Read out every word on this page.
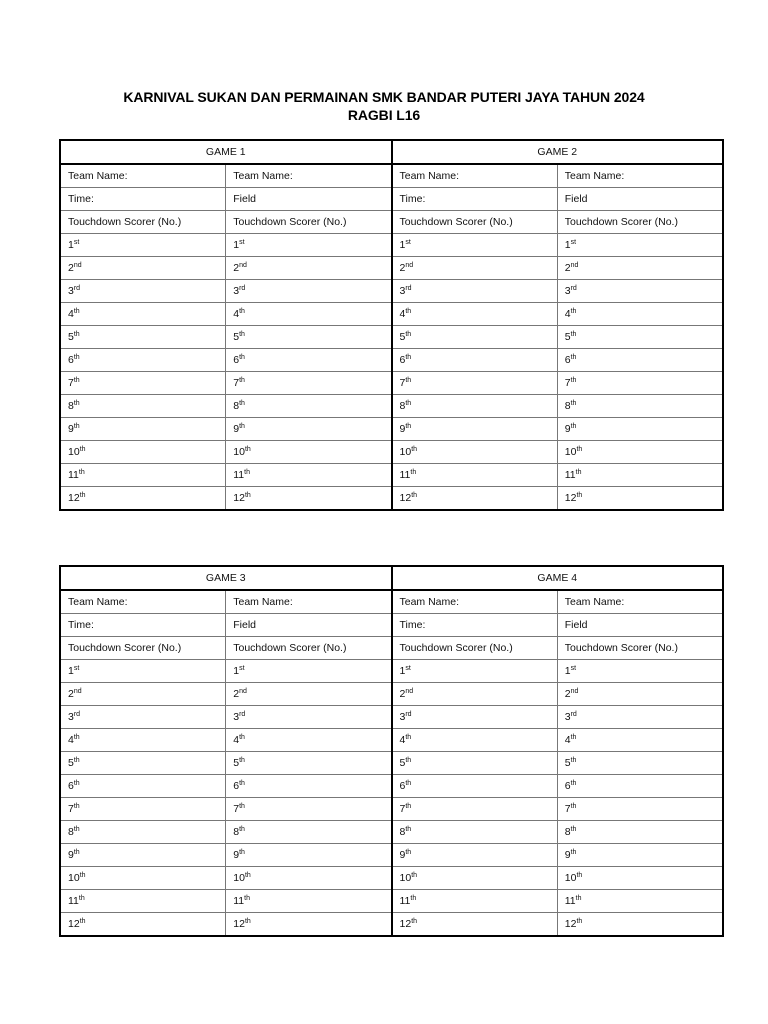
KARNIVAL SUKAN DAN PERMAINAN SMK BANDAR PUTERI JAYA TAHUN 2024
RAGBI L16
GAME 1		GAME 2	
Team Name:	Team Name:	Team Name:	Team Name:
Time:	Field	Time:	Field
Touchdown Scorer (No.)	Touchdown Scorer (No.)	Touchdown Scorer (No.)	Touchdown Scorer (No.)
1st	1st	1st	1st
2nd	2nd	2nd	2nd
3rd	3rd	3rd	3rd
4th	4th	4th	4th
5th	5th	5th	5th
6th	6th	6th	6th
7th	7th	7th	7th
8th	8th	8th	8th
9th	9th	9th	9th
10th	10th	10th	10th
11th	11th	11th	11th
12th	12th	12th	12th
GAME 3		GAME 4	
Team Name:	Team Name:	Team Name:	Team Name:
Time:	Field	Time:	Field
Touchdown Scorer (No.)	Touchdown Scorer (No.)	Touchdown Scorer (No.)	Touchdown Scorer (No.)
1st	1st	1st	1st
2nd	2nd	2nd	2nd
3rd	3rd	3rd	3rd
4th	4th	4th	4th
5th	5th	5th	5th
6th	6th	6th	6th
7th	7th	7th	7th
8th	8th	8th	8th
9th	9th	9th	9th
10th	10th	10th	10th
11th	11th	11th	11th
12th	12th	12th	12th
